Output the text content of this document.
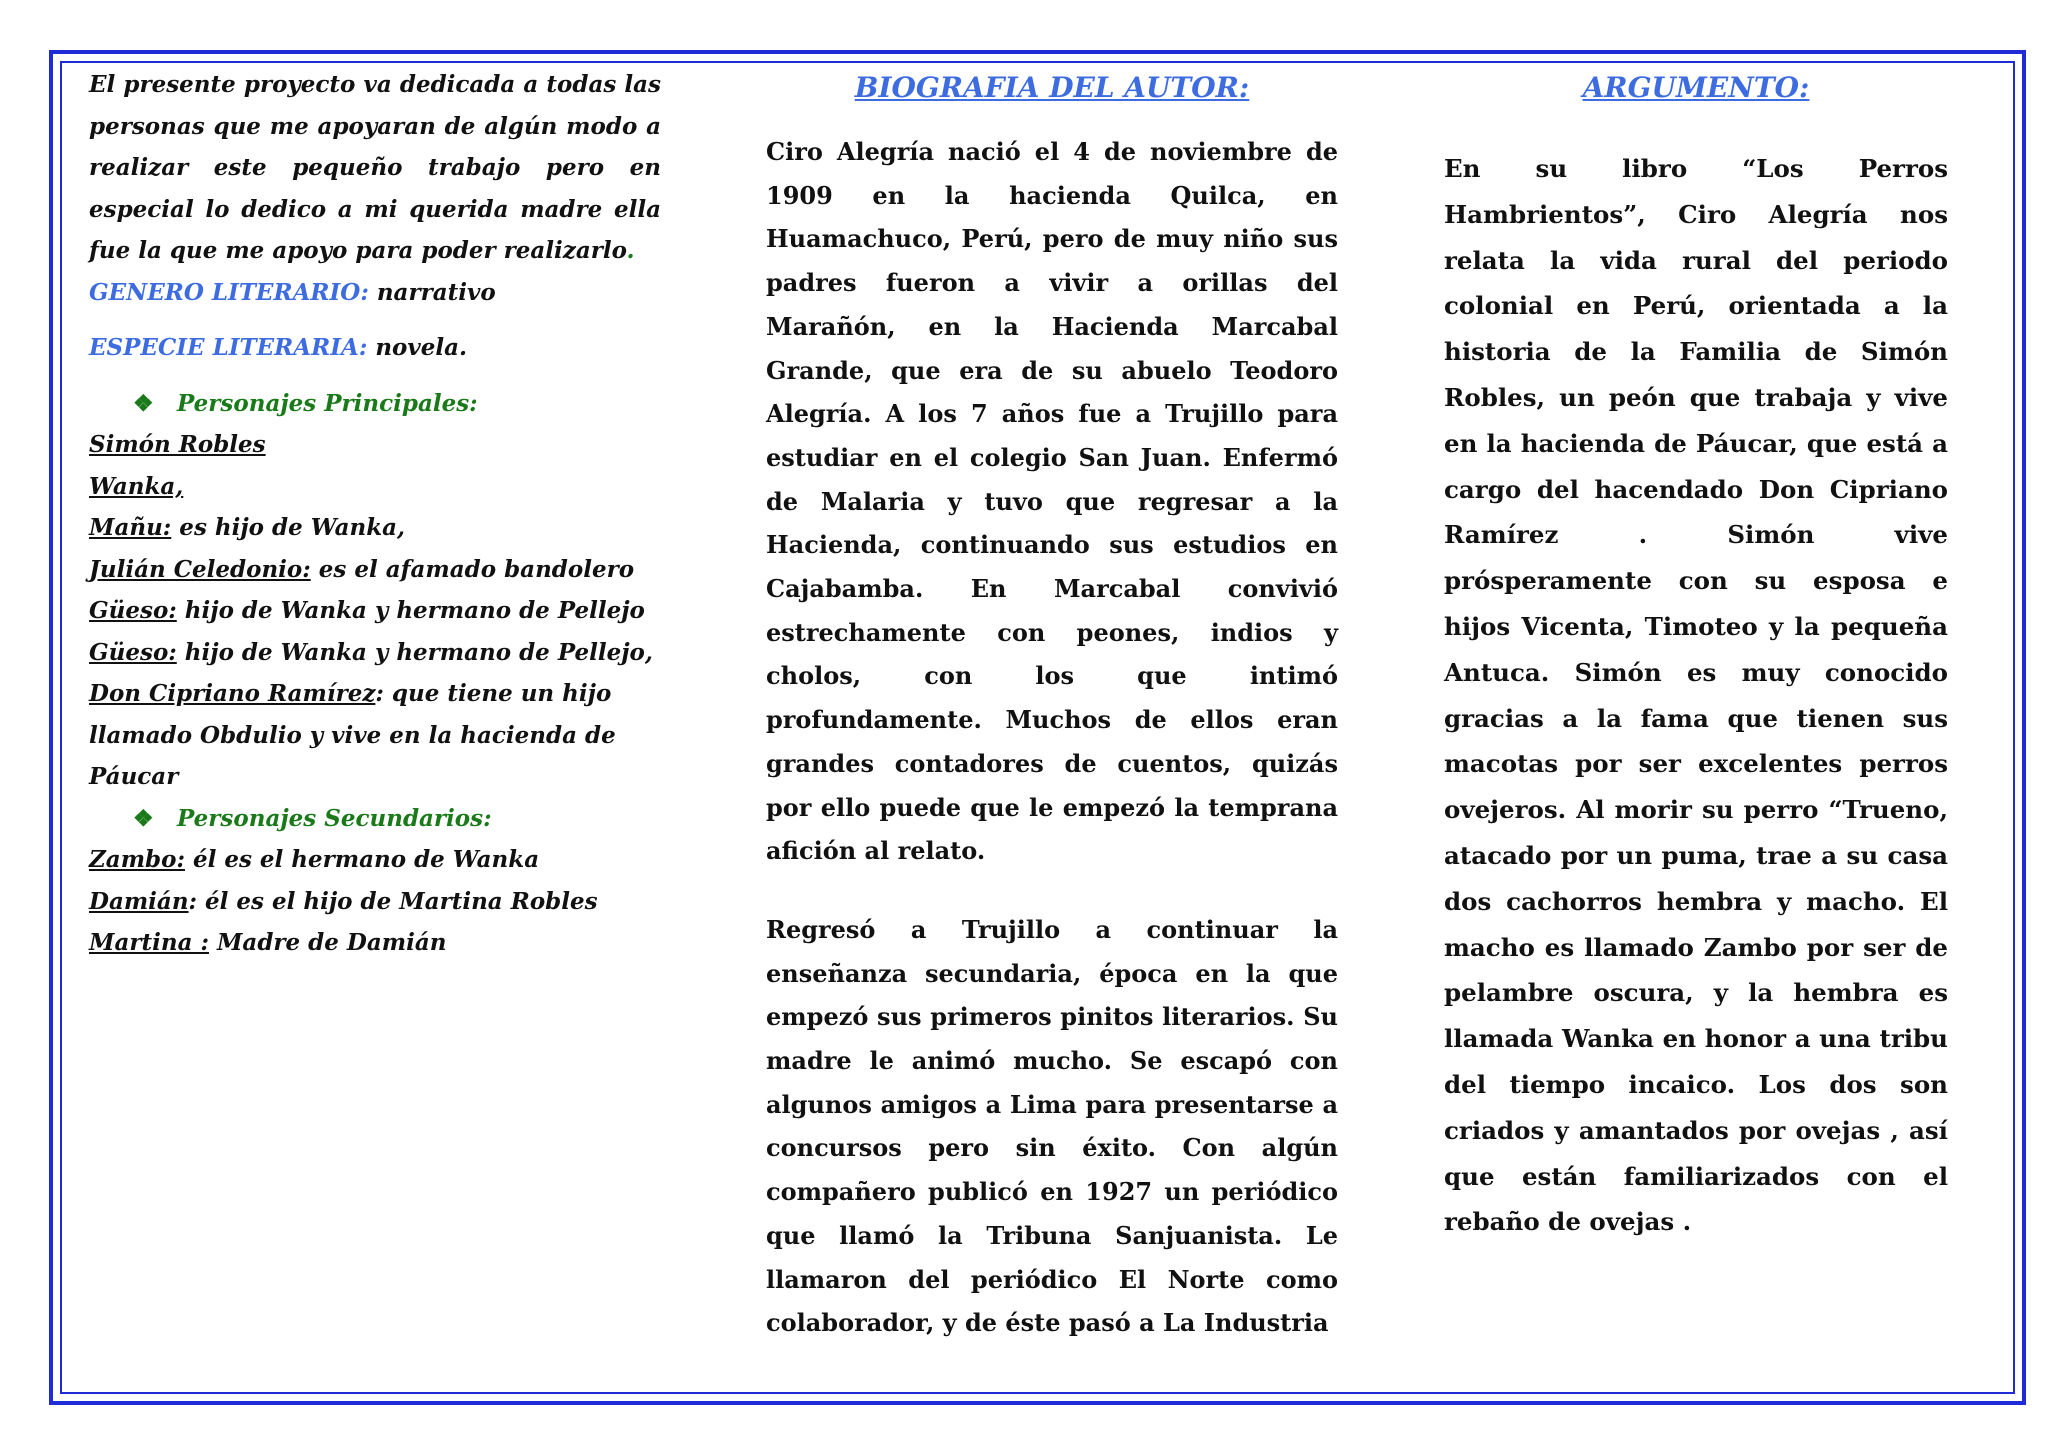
El presente proyecto va dedicada a todas las personas que me apoyaran de algún modo a realizar este pequeño trabajo pero en especial lo dedico a mi querida madre ella fue la que me apoyo para poder realizarlo.

GENERO LITERARIO: narrativo

ESPECIE LITERARIA: novela.

❖ Personajes Principales:

Simón Robles

Wanka,

Mañu: es hijo de Wanka,

Julián Celedonio: es el afamado bandolero

Güeso: hijo de Wanka y hermano de Pellejo

Güeso: hijo de Wanka y hermano de Pellejo,

Don Cipriano Ramírez: que tiene un hijo llamado Obdulio y vive en la hacienda de Páucar

❖ Personajes Secundarios:

Zambo: él es el hermano de Wanka

Damián: él es el hijo de Martina Robles

Martina : Madre de Damián

BIOGRAFIA DEL AUTOR:

Ciro Alegría nació el 4 de noviembre de 1909 en la hacienda Quilca, en Huamachuco, Perú, pero de muy niño sus padres fueron a vivir a orillas del Marañón, en la Hacienda Marcabal Grande, que era de su abuelo Teodoro Alegría. A los 7 años fue a Trujillo para estudiar en el colegio San Juan. Enfermó de Malaria y tuvo que regresar a la Hacienda, continuando sus estudios en Cajabamba. En Marcabal convivió estrechamente con peones, indios y cholos, con los que intimó profundamente. Muchos de ellos eran grandes contadores de cuentos, quizás por ello puede que le empezó la temprana afición al relato.

Regresó a Trujillo a continuar la enseñanza secundaria, época en la que empezó sus primeros pinitos literarios. Su madre le animó mucho. Se escapó con algunos amigos a Lima para presentarse a concursos pero sin éxito. Con algún compañero publicó en 1927 un periódico que llamó la Tribuna Sanjuanista. Le llamaron del periódico El Norte como colaborador, y de éste pasó a La Industria

ARGUMENTO:

En su libro “Los Perros Hambrientos”, Ciro Alegría nos relata la vida rural del periodo colonial en Perú, orientada a la historia de la Familia de Simón Robles, un peón que trabaja y vive en la hacienda de Páucar, que está a cargo del hacendado Don Cipriano Ramírez . Simón vive prósperamente con su esposa e hijos Vicenta, Timoteo y la pequeña Antuca. Simón es muy conocido gracias a la fama que tienen sus macotas por ser excelentes perros ovejeros. Al morir su perro “Trueno, atacado por un puma, trae a su casa dos cachorros hembra y macho. El macho es llamado Zambo por ser de pelambre oscura, y la hembra es llamada Wanka en honor a una tribu del tiempo incaico. Los dos son criados y amantados por ovejas , así que están familiarizados con el rebaño de ovejas .
